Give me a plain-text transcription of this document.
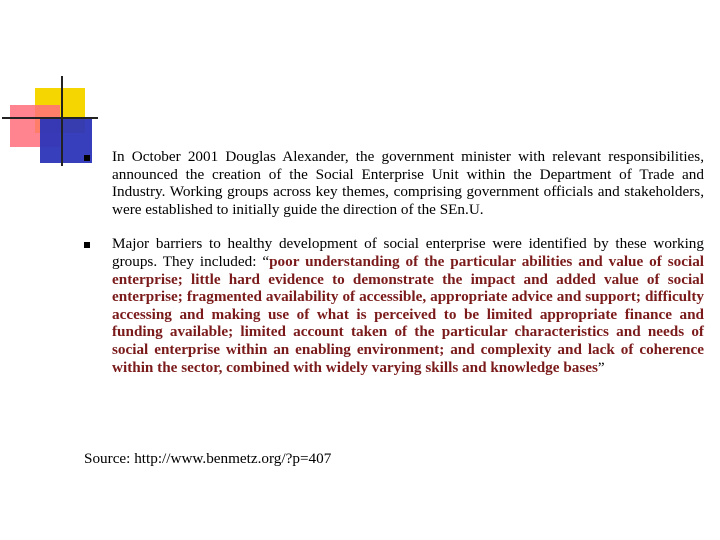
In October 2001 Douglas Alexander, the government minister with relevant responsibilities, announced the creation of the Social Enterprise Unit within the Department of Trade and Industry. Working groups across key themes, comprising government officials and stakeholders, were established to initially guide the direction of the SEn.U.
Major barriers to healthy development of social enterprise were identified by these working groups. They included: “poor understanding of the particular abilities and value of social enterprise; little hard evidence to demonstrate the impact and added value of social enterprise; fragmented availability of accessible, appropriate advice and support; difficulty accessing and making use of what is perceived to be limited appropriate finance and funding available; limited account taken of the particular characteristics and needs of social enterprise within an enabling environment; and complexity and lack of coherence within the sector, combined with widely varying skills and knowledge bases”
Source: http://www.benmetz.org/?p=407
